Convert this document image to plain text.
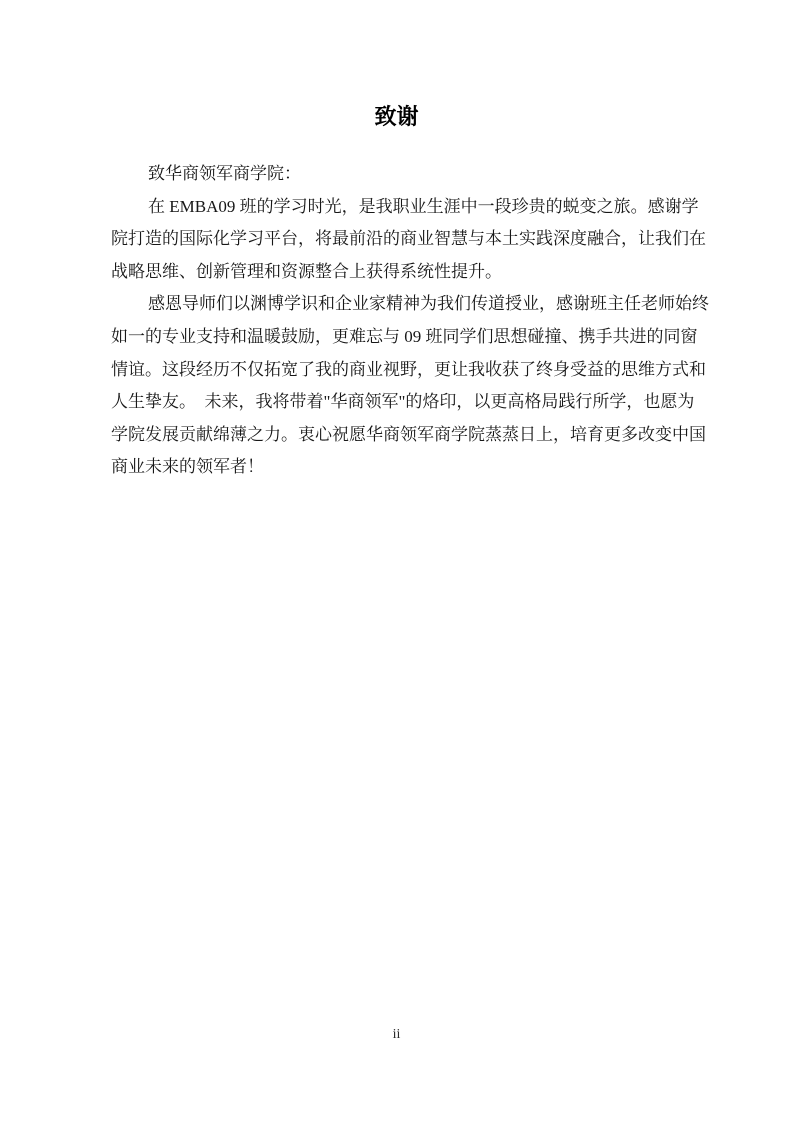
致谢
致华商领军商学院：
在 EMBA09 班的学习时光，是我职业生涯中一段珍贵的蜕变之旅。感谢学
院打造的国际化学习平台，将最前沿的商业智慧与本土实践深度融合，让我们在
战略思维、创新管理和资源整合上获得系统性提升。
感恩导师们以渊博学识和企业家精神为我们传道授业，感谢班主任老师始终
如一的专业支持和温暖鼓励，更难忘与 09 班同学们思想碰撞、携手共进的同窗
情谊。这段经历不仅拓宽了我的商业视野，更让我收获了终身受益的思维方式和
人生挚友。　未来，我将带着"华商领军"的烙印，以更高格局践行所学，也愿为
学院发展贡献绵薄之力。衷心祝愿华商领军商学院蒸蒸日上，培育更多改变中国
商业未来的领军者！
ii
